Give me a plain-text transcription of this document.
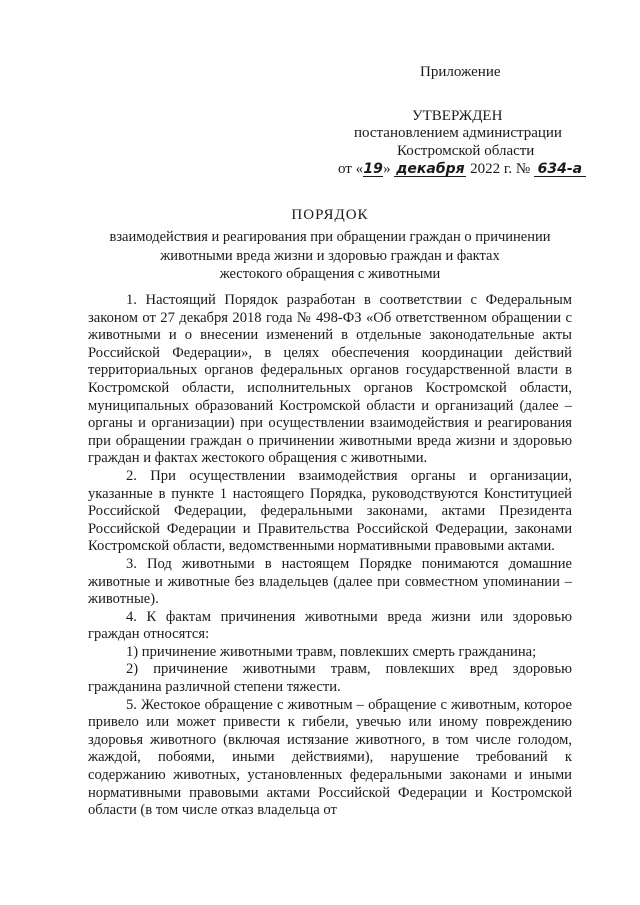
Приложение
УТВЕРЖДЕН
постановлением администрации
Костромской области
от «19» декабря 2022 г. № 634-а
ПОРЯДОК
взаимодействия и реагирования при обращении граждан о причинении
животными вреда жизни и здоровью граждан и фактах
жестокого обращения с животными

1. Настоящий Порядок разработан в соответствии с Федеральным законом от 27 декабря 2018 года № 498-ФЗ «Об ответственном обращении с животными и о внесении изменений в отдельные законодательные акты Российской Федерации», в целях обеспечения координации действий территориальных органов федеральных органов государственной власти в Костромской области, исполнительных органов Костромской области, муниципальных образований Костромской области и организаций (далее – органы и организации) при осуществлении взаимодействия и реагирования при обращении граждан о причинении животными вреда жизни и здоровью граждан и фактах жестокого обращения с животными.

2. При осуществлении взаимодействия органы и организации, указанные в пункте 1 настоящего Порядка, руководствуются Конституцией Российской Федерации, федеральными законами, актами Президента Российской Федерации и Правительства Российской Федерации, законами Костромской области, ведомственными нормативными правовыми актами.

3. Под животными в настоящем Порядке понимаются домашние животные и животные без владельцев (далее при совместном упоминании – животные).

4. К фактам причинения животными вреда жизни или здоровью граждан относятся:

1) причинение животными травм, повлекших смерть гражданина;

2) причинение животными травм, повлекших вред здоровью гражданина различной степени тяжести.

5. Жестокое обращение с животным – обращение с животным, которое привело или может привести к гибели, увечью или иному повреждению здоровья животного (включая истязание животного, в том числе голодом, жаждой, побоями, иными действиями), нарушение требований к содержанию животных, установленных федеральными законами и иными нормативными правовыми актами Российской Федерации и Костромской области (в том числе отказ владельца от
